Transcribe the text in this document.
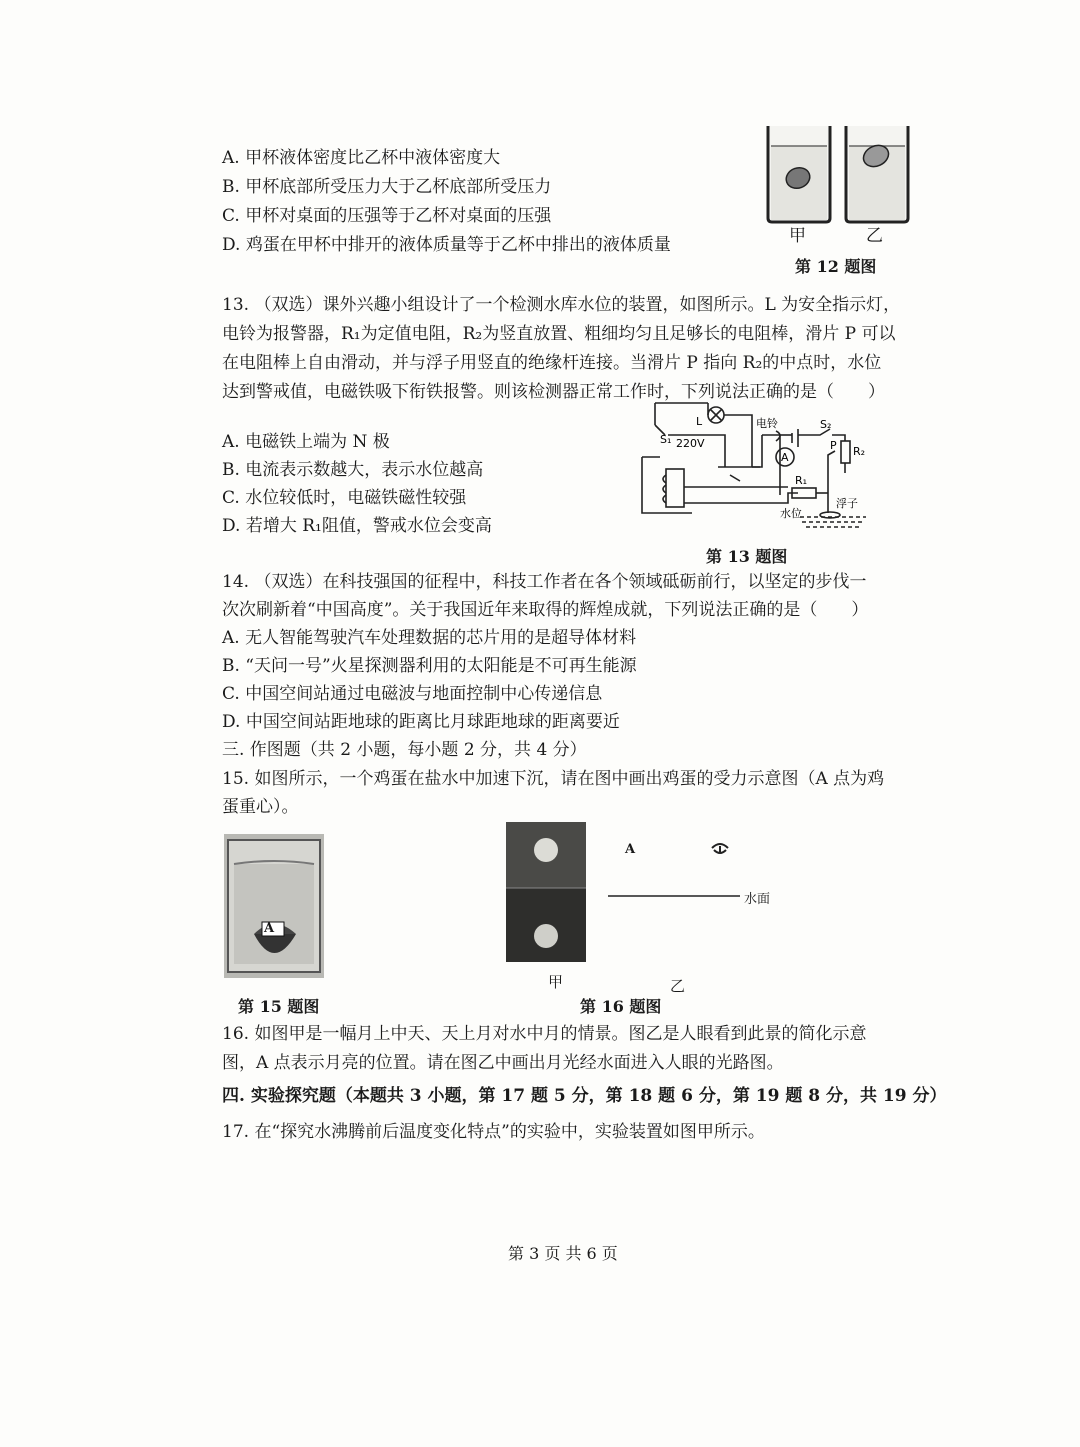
A. 甲杯液体密度比乙杯中液体密度大
B. 甲杯底部所受压力大于乙杯底部所受压力
C. 甲杯对桌面的压强等于乙杯对桌面的压强
D. 鸡蛋在甲杯中排开的液体质量等于乙杯中排出的液体质量	甲	乙
第 12 题图
13. （双选）课外兴趣小组设计了一个检测水库水位的装置，如图所示。L 为安全指示灯，
电铃为报警器，R₁为定值电阻，R₂为竖直放置、粗细均匀且足够长的电阻棒，滑片 P 可以
在电阻棒上自由滑动，并与浮子用竖直的绝缘杆连接。当滑片 P 指向 R₂的中点时，水位
达到警戒值，电磁铁吸下衔铁报警。则该检测器正常工作时，下列说法正确的是（　　）
A. 电磁铁上端为 N 极
B. 电流表示数越大，表示水位越高
C. 水位较低时，电磁铁磁性较强
D. 若增大 R₁阻值，警戒水位会变高
S₁ 220V
L	电铃	S₂
A
P R₂
R₁
浮子
水位
第 13 题图
14. （双选）在科技强国的征程中，科技工作者在各个领域砥砺前行，以坚定的步伐一
次次刷新着“中国高度”。关于我国近年来取得的辉煌成就，下列说法正确的是（　　）
A. 无人智能驾驶汽车处理数据的芯片用的是超导体材料
B. “天问一号”火星探测器利用的太阳能是不可再生能源
C. 中国空间站通过电磁波与地面控制中心传递信息
D. 中国空间站距地球的距离比月球距地球的距离要近
三. 作图题（共 2 小题，每小题 2 分，共 4 分）
15. 如图所示，一个鸡蛋在盐水中加速下沉，请在图中画出鸡蛋的受力示意图（A 点为鸡
蛋重心）。
A
第 15 题图
甲
A
水面
乙
第 16 题图
16. 如图甲是一幅月上中天、天上月对水中月的情景。图乙是人眼看到此景的简化示意
图，A 点表示月亮的位置。请在图乙中画出月光经水面进入人眼的光路图。
四. 实验探究题（本题共 3 小题，第 17 题 5 分，第 18 题 6 分，第 19 题 8 分，共 19 分）
17. 在“探究水沸腾前后温度变化特点”的实验中，实验装置如图甲所示。
第 3 页 共 6 页
